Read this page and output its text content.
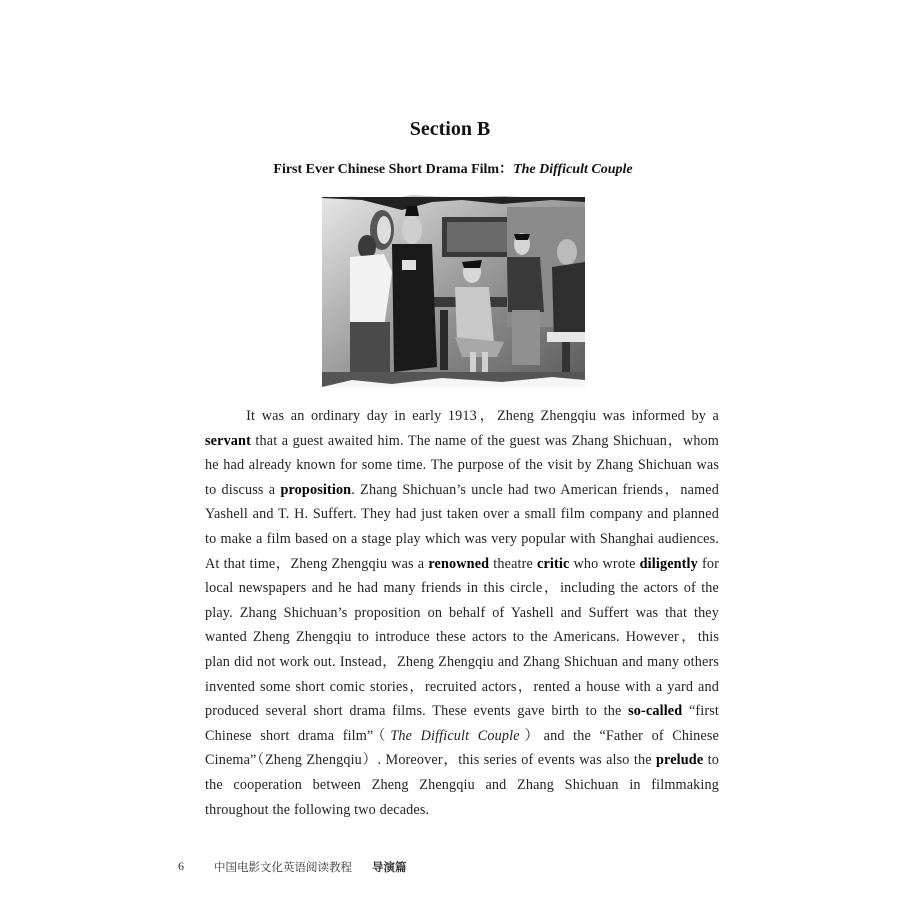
Section B
First Ever Chinese Short Drama Film：The Difficult Couple

It was an ordinary day in early 1913，Zheng Zhengqiu was informed by a servant that a guest awaited him. The name of the guest was Zhang Shichuan，whom he had already known for some time. The purpose of the visit by Zhang Shichuan was to discuss a proposition. Zhang Shichuan’s uncle had two American friends，named Yashell and T. H. Suffert. They had just taken over a small film company and planned to make a film based on a stage play which was very popular with Shanghai audiences. At that time，Zheng Zhengqiu was a renowned theatre critic who wrote diligently for local newspapers and he had many friends in this circle，including the actors of the play. Zhang Shichuan’s proposition on behalf of Yashell and Suffert was that they wanted Zheng Zhengqiu to introduce these actors to the Americans. However，this plan did not work out. Instead，Zheng Zhengqiu and Zhang Shichuan and many others invented some short comic stories，recruited actors，rented a house with a yard and produced several short drama films. These events gave birth to the so-called “first Chinese short drama film”（The Difficult Couple）and the “Father of Chinese Cinema”（Zheng Zhengqiu）. Moreover，this series of events was also the prelude to the cooperation between Zheng Zhengqiu and Zhang Shichuan in filmmaking throughout the following two decades.

6	中国电影文化英语阅读教程 导演篇
